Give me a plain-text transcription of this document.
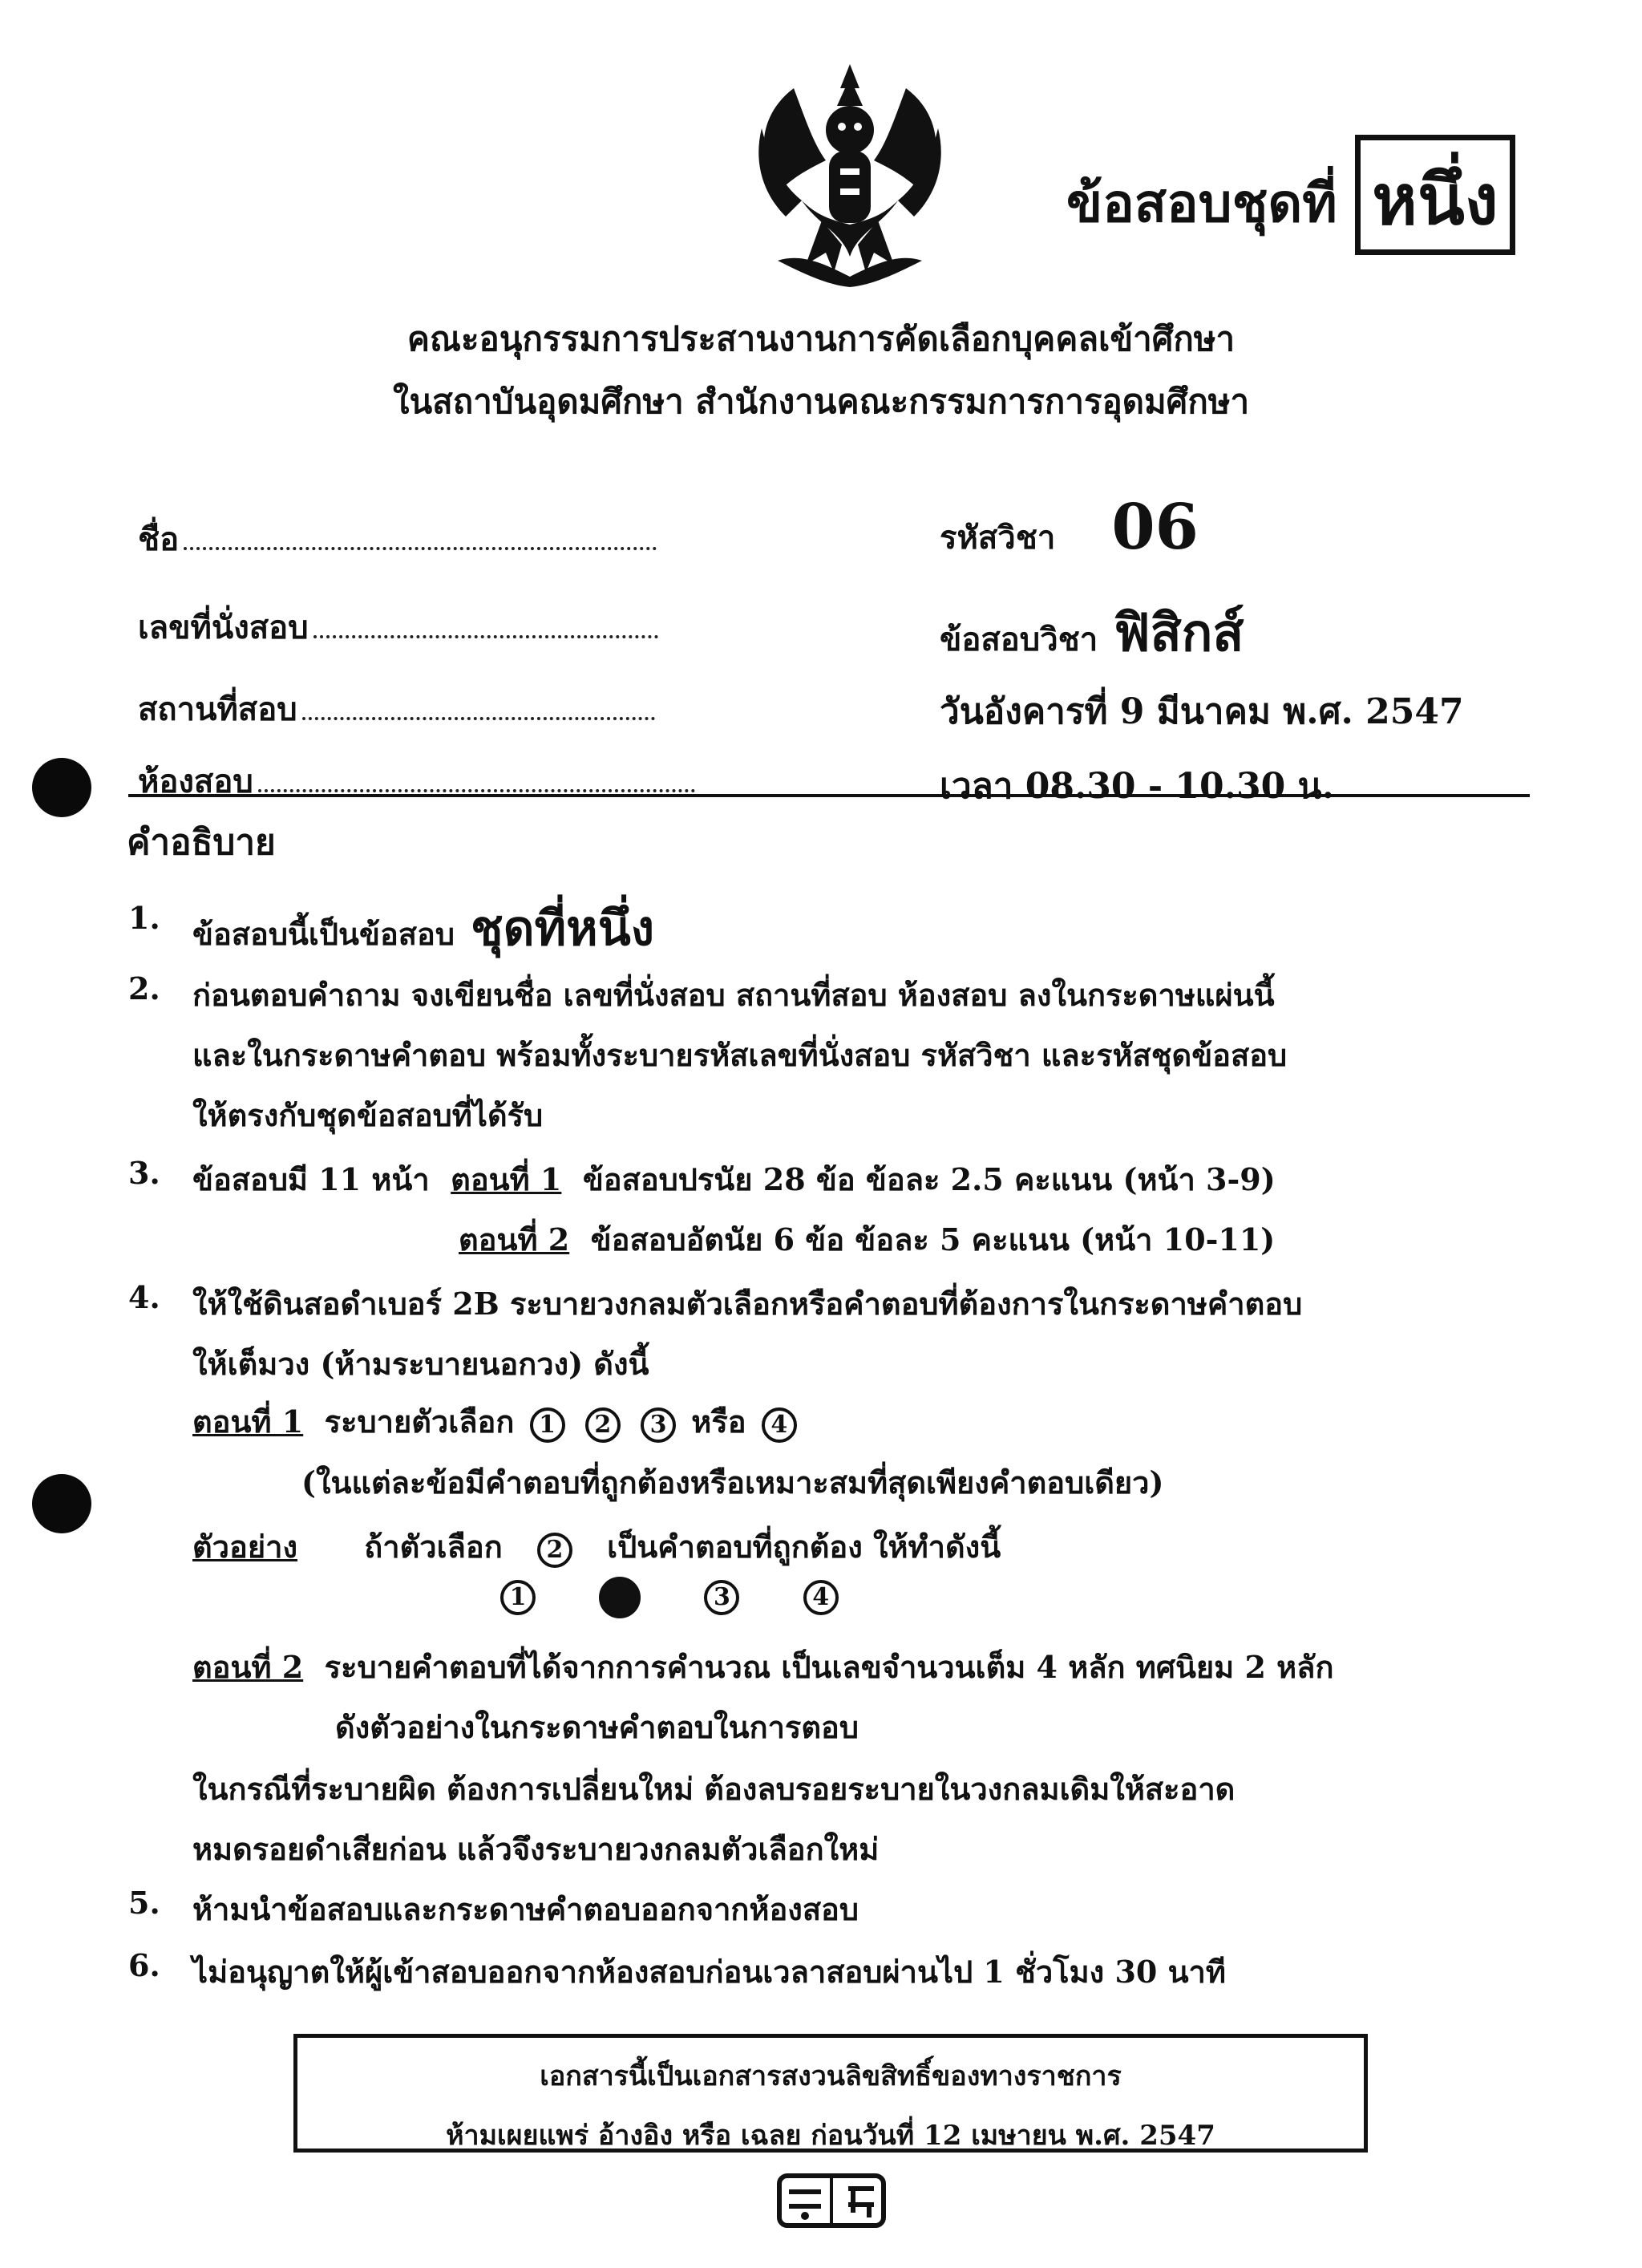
ข้อสอบชุดที่ หนึ่ง
คณะอนุกรรมการประสานงานการคัดเลือกบุคคลเข้าศึกษา
ในสถาบันอุดมศึกษา สำนักงานคณะกรรมการการอุดมศึกษา
ชื่อ
เลขที่นั่งสอบ
สถานที่สอบ
ห้องสอบ
รหัสวิชา 06
ข้อสอบวิชา ฟิสิกส์
วันอังคารที่ 9 มีนาคม พ.ศ. 2547
เวลา 08.30 - 10.30 น.
คำอธิบาย
1. ข้อสอบนี้เป็นข้อสอบ ชุดที่หนึ่ง
2. ก่อนตอบคำถาม จงเขียนชื่อ เลขที่นั่งสอบ สถานที่สอบ ห้องสอบ ลงในกระดาษแผ่นนี้
และในกระดาษคำตอบ พร้อมทั้งระบายรหัสเลขที่นั่งสอบ รหัสวิชา และรหัสชุดข้อสอบ
ให้ตรงกับชุดข้อสอบที่ได้รับ
3. ข้อสอบมี 11 หน้า ตอนที่ 1 ข้อสอบปรนัย 28 ข้อ ข้อละ 2.5 คะแนน (หน้า 3-9)
ตอนที่ 2 ข้อสอบอัตนัย 6 ข้อ ข้อละ 5 คะแนน (หน้า 10-11)
4. ให้ใช้ดินสอดำเบอร์ 2B ระบายวงกลมตัวเลือกหรือคำตอบที่ต้องการในกระดาษคำตอบ
ให้เต็มวง (ห้ามระบายนอกวง) ดังนี้
ตอนที่ 1 ระบายตัวเลือก 1 2 3 หรือ 4
(ในแต่ละข้อมีคำตอบที่ถูกต้องหรือเหมาะสมที่สุดเพียงคำตอบเดียว)
ตัวอย่าง ถ้าตัวเลือก 2 เป็นคำตอบที่ถูกต้อง ให้ทำดังนี้
1	3	4
ตอนที่ 2 ระบายคำตอบที่ได้จากการคำนวณ เป็นเลขจำนวนเต็ม 4 หลัก ทศนิยม 2 หลัก
ดังตัวอย่างในกระดาษคำตอบในการตอบ
ในกรณีที่ระบายผิด ต้องการเปลี่ยนใหม่ ต้องลบรอยระบายในวงกลมเดิมให้สะอาด
หมดรอยดำเสียก่อน แล้วจึงระบายวงกลมตัวเลือกใหม่
5. ห้ามนำข้อสอบและกระดาษคำตอบออกจากห้องสอบ
6. ไม่อนุญาตให้ผู้เข้าสอบออกจากห้องสอบก่อนเวลาสอบผ่านไป 1 ชั่วโมง 30 นาที
เอกสารนี้เป็นเอกสารสงวนลิขสิทธิ์ของทางราชการ
ห้ามเผยแพร่ อ้างอิง หรือ เฉลย ก่อนวันที่ 12 เมษายน พ.ศ. 2547
